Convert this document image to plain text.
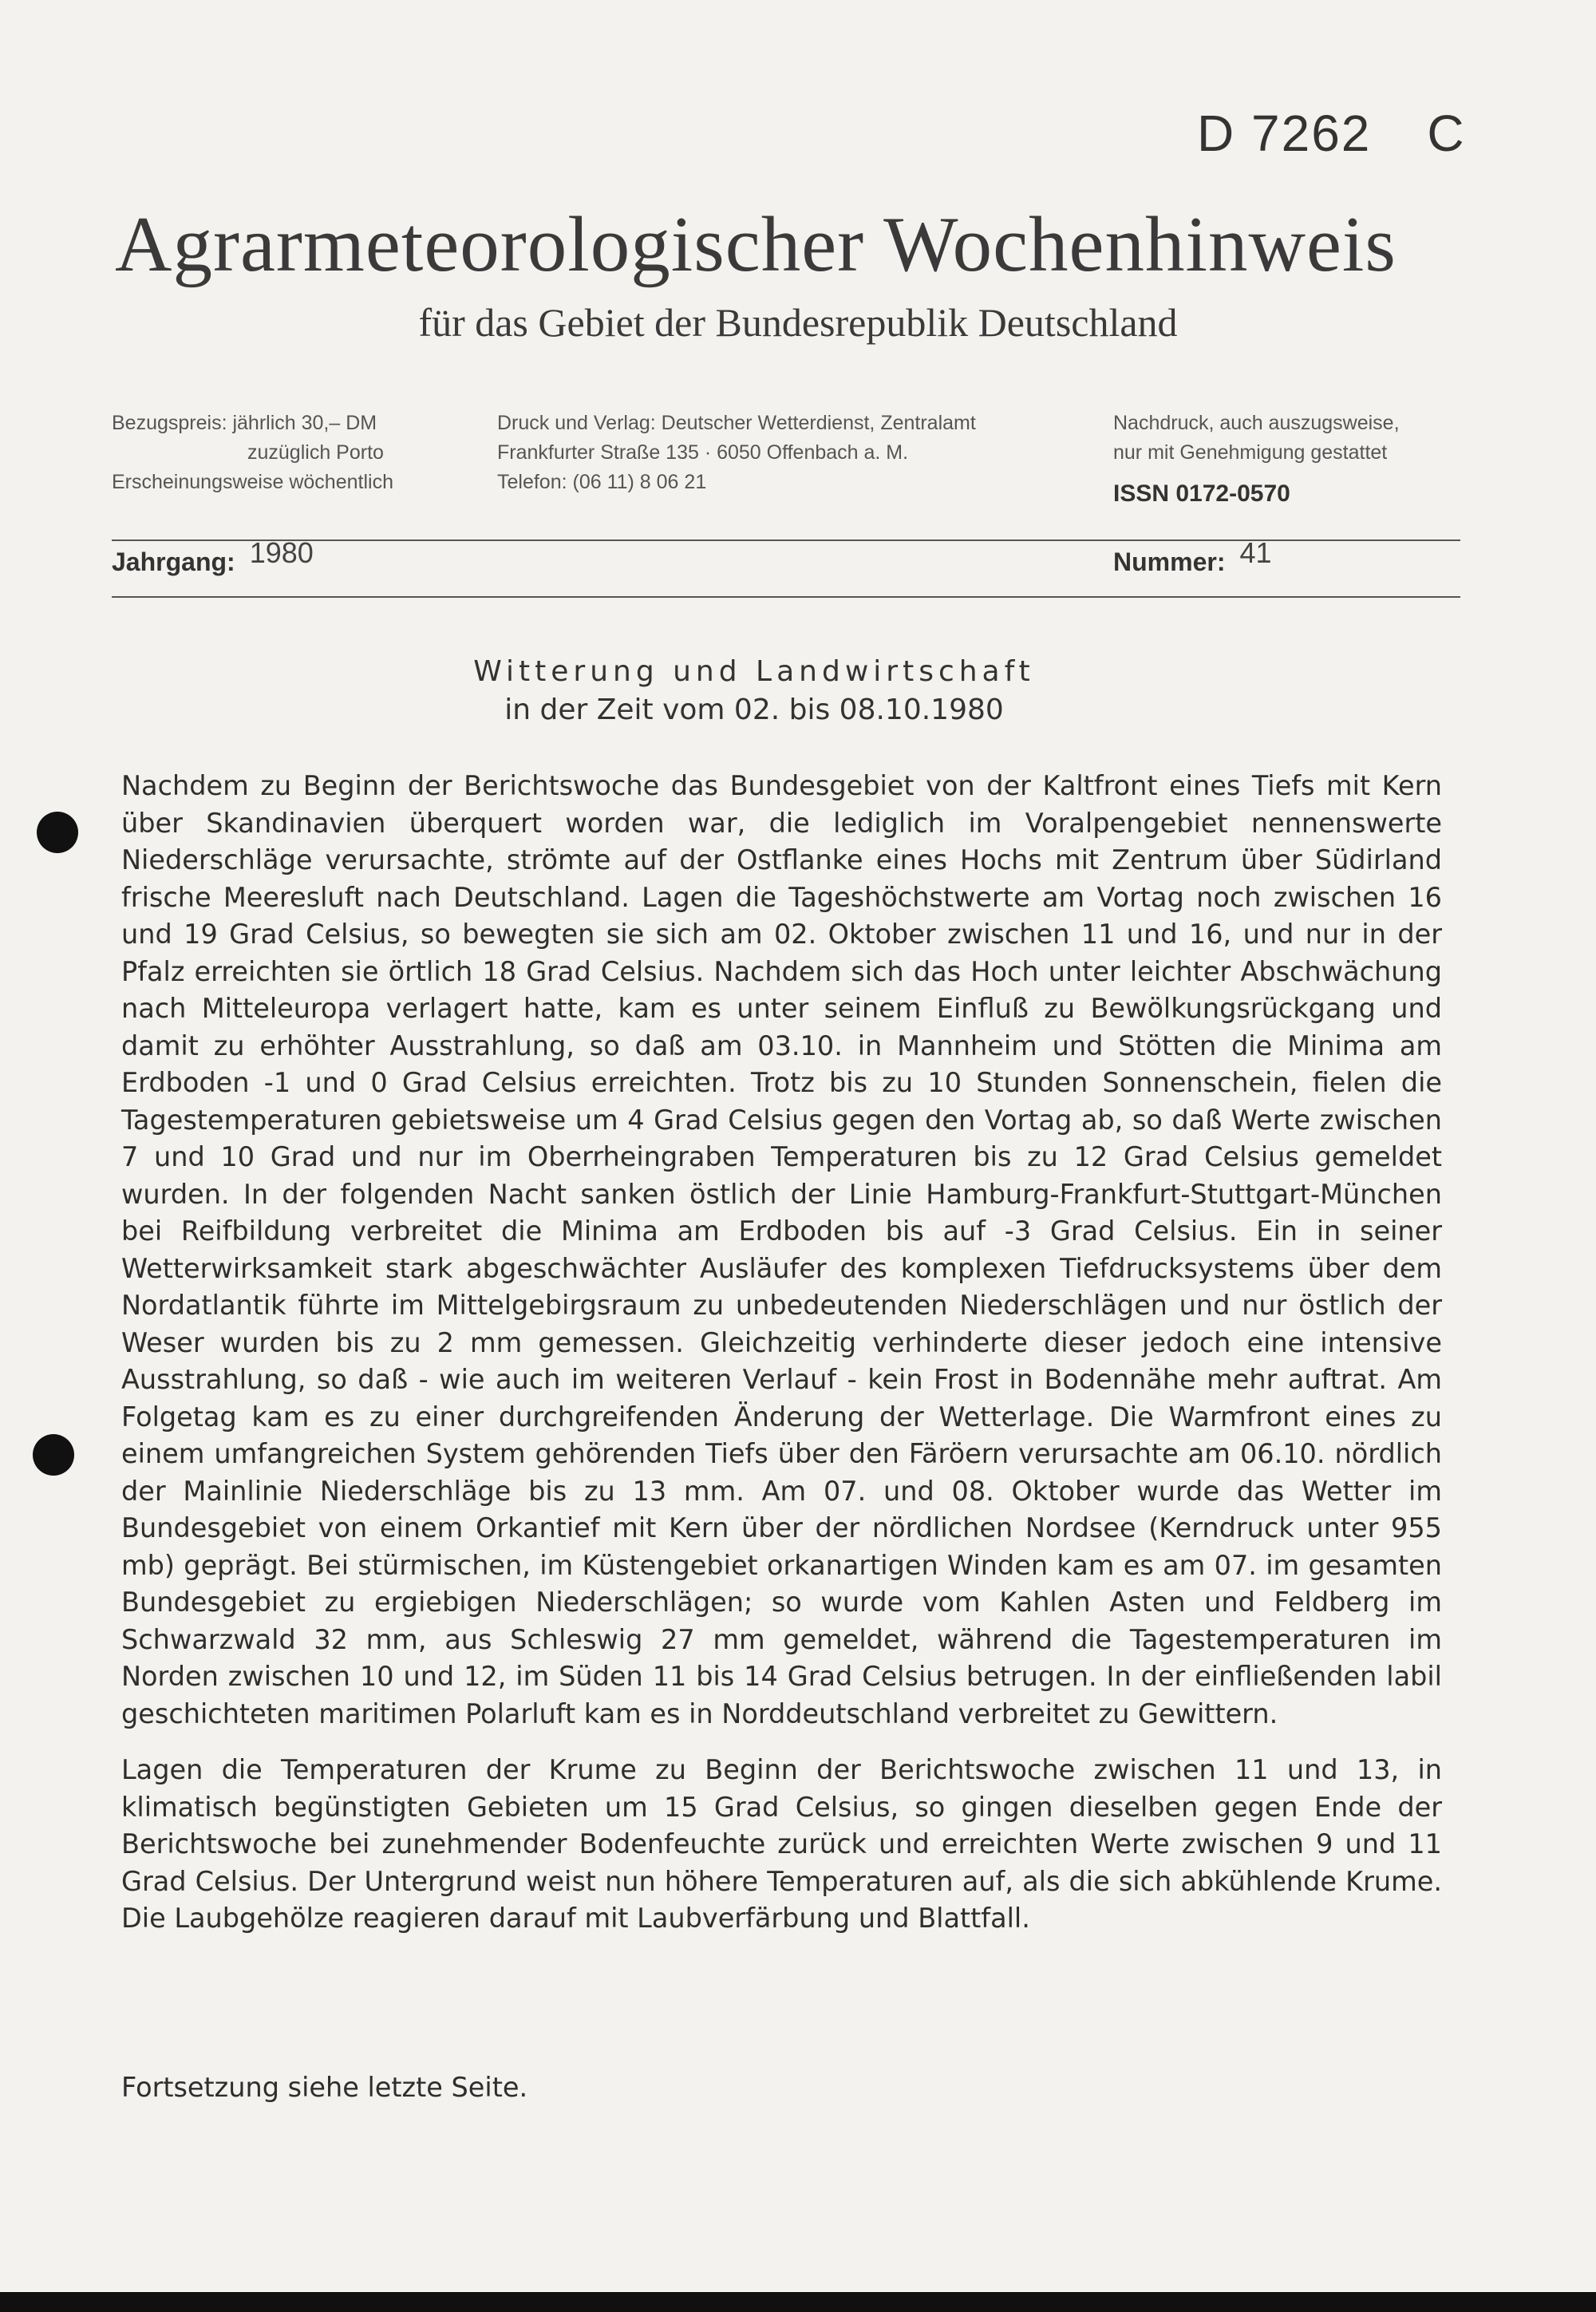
D 7262 C
Agrarmeteorologischer Wochenhinweis
für das Gebiet der Bundesrepublik Deutschland
Bezugspreis: jährlich 30,– DM
zuzüglich Porto
Erscheinungsweise wöchentlich
Druck und Verlag: Deutscher Wetterdienst, Zentralamt
Frankfurter Straße 135 · 6050 Offenbach a. M.
Telefon: (06 11) 8 06 21
Nachdruck, auch auszugsweise,
nur mit Genehmigung gestattet
ISSN 0172-0570
Jahrgang: 1980	Nummer: 41
Witterung und Landwirtschaft
in der Zeit vom 02. bis 08.10.1980

Nachdem zu Beginn der Berichtswoche das Bundesgebiet von der Kaltfront eines Tiefs mit Kern über Skandinavien überquert worden war, die lediglich im Voralpengebiet nennenswerte Niederschläge verursachte, strömte auf der Ostflanke eines Hochs mit Zentrum über Südirland frische Meeresluft nach Deutschland. Lagen die Tageshöchstwerte am Vortag noch zwischen 16 und 19 Grad Celsius, so bewegten sie sich am 02. Oktober zwischen 11 und 16, und nur in der Pfalz erreichten sie örtlich 18 Grad Celsius. Nachdem sich das Hoch unter leichter Abschwächung nach Mitteleuropa verlagert hatte, kam es unter seinem Einfluß zu Bewölkungsrückgang und damit zu erhöhter Ausstrahlung, so daß am 03.10. in Mannheim und Stötten die Minima am Erdboden -1 und 0 Grad Celsius erreichten. Trotz bis zu 10 Stunden Sonnenschein, fielen die Tagestemperaturen gebietsweise um 4 Grad Celsius gegen den Vortag ab, so daß Werte zwischen 7 und 10 Grad und nur im Oberrheingraben Temperaturen bis zu 12 Grad Celsius gemeldet wurden. In der folgenden Nacht sanken östlich der Linie Hamburg-Frankfurt-Stuttgart-München bei Reifbildung verbreitet die Minima am Erdboden bis auf -3 Grad Celsius. Ein in seiner Wetterwirksamkeit stark abgeschwächter Ausläufer des komplexen Tiefdrucksystems über dem Nordatlantik führte im Mittelgebirgsraum zu unbedeutenden Niederschlägen und nur östlich der Weser wurden bis zu 2 mm gemessen. Gleichzeitig verhinderte dieser jedoch eine intensive Ausstrahlung, so daß - wie auch im weiteren Verlauf - kein Frost in Bodennähe mehr auftrat. Am Folgetag kam es zu einer durchgreifenden Änderung der Wetterlage. Die Warmfront eines zu einem umfangreichen System gehörenden Tiefs über den Färöern verursachte am 06.10. nördlich der Mainlinie Niederschläge bis zu 13 mm. Am 07. und 08. Oktober wurde das Wetter im Bundesgebiet von einem Orkantief mit Kern über der nördlichen Nordsee (Kerndruck unter 955 mb) geprägt. Bei stürmischen, im Küstengebiet orkanartigen Winden kam es am 07. im gesamten Bundesgebiet zu ergiebigen Niederschlägen; so wurde vom Kahlen Asten und Feldberg im Schwarzwald 32 mm, aus Schleswig 27 mm gemeldet, während die Tagestemperaturen im Norden zwischen 10 und 12, im Süden 11 bis 14 Grad Celsius betrugen. In der einfließenden labil geschichteten maritimen Polarluft kam es in Norddeutschland verbreitet zu Gewittern.

Lagen die Temperaturen der Krume zu Beginn der Berichtswoche zwischen 11 und 13, in klimatisch begünstigten Gebieten um 15 Grad Celsius, so gingen dieselben gegen Ende der Berichtswoche bei zunehmender Bodenfeuchte zurück und erreichten Werte zwischen 9 und 11 Grad Celsius. Der Untergrund weist nun höhere Temperaturen auf, als die sich abkühlende Krume. Die Laubgehölze reagieren darauf mit Laubverfärbung und Blattfall.

Fortsetzung siehe letzte Seite.
